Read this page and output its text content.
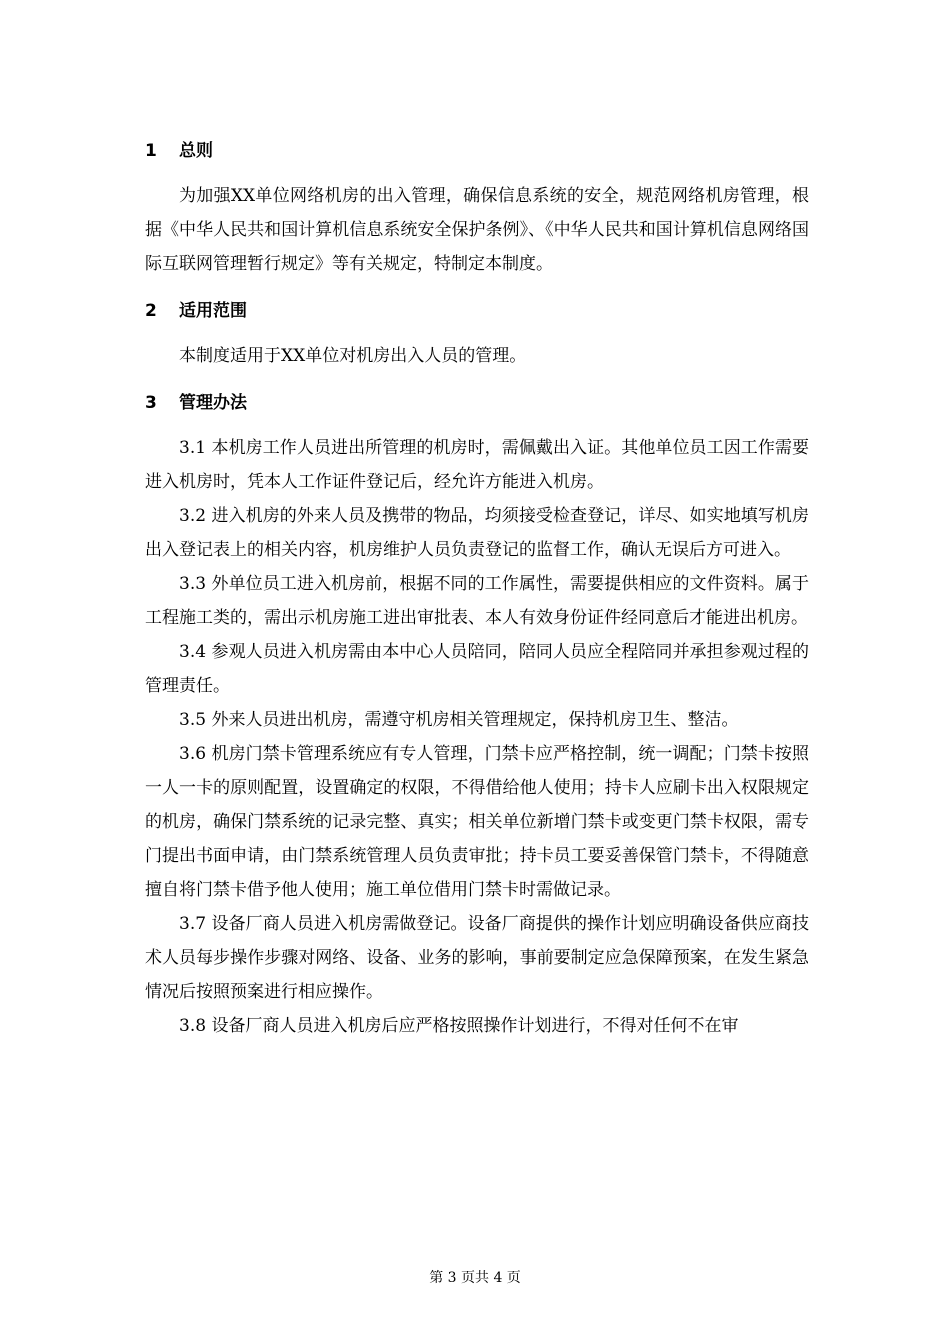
1 总则

为加强XX单位网络机房的出入管理，确保信息系统的安全，规范网络机房管理，根据《中华人民共和国计算机信息系统安全保护条例》、《中华人民共和国计算机信息网络国际互联网管理暂行规定》等有关规定，特制定本制度。

2 适用范围

本制度适用于XX单位对机房出入人员的管理。

3 管理办法

3.1 本机房工作人员进出所管理的机房时，需佩戴出入证。其他单位员工因工作需要进入机房时，凭本人工作证件登记后，经允许方能进入机房。

3.2 进入机房的外来人员及携带的物品，均须接受检查登记，详尽、如实地填写机房出入登记表上的相关内容，机房维护人员负责登记的监督工作，确认无误后方可进入。

3.3 外单位员工进入机房前，根据不同的工作属性，需要提供相应的文件资料。属于工程施工类的，需出示机房施工进出审批表、本人有效身份证件经同意后才能进出机房。

3.4 参观人员进入机房需由本中心人员陪同，陪同人员应全程陪同并承担参观过程的管理责任。

3.5 外来人员进出机房，需遵守机房相关管理规定，保持机房卫生、整洁。

3.6 机房门禁卡管理系统应有专人管理，门禁卡应严格控制，统一调配；门禁卡按照一人一卡的原则配置，设置确定的权限，不得借给他人使用；持卡人应刷卡出入权限规定的机房，确保门禁系统的记录完整、真实；相关单位新增门禁卡或变更门禁卡权限，需专门提出书面申请，由门禁系统管理人员负责审批；持卡员工要妥善保管门禁卡，不得随意擅自将门禁卡借予他人使用；施工单位借用门禁卡时需做记录。

3.7 设备厂商人员进入机房需做登记。设备厂商提供的操作计划应明确设备供应商技术人员每步操作步骤对网络、设备、业务的影响，事前要制定应急保障预案，在发生紧急情况后按照预案进行相应操作。

3.8 设备厂商人员进入机房后应严格按照操作计划进行，不得对任何不在审

第 3 页共 4 页
